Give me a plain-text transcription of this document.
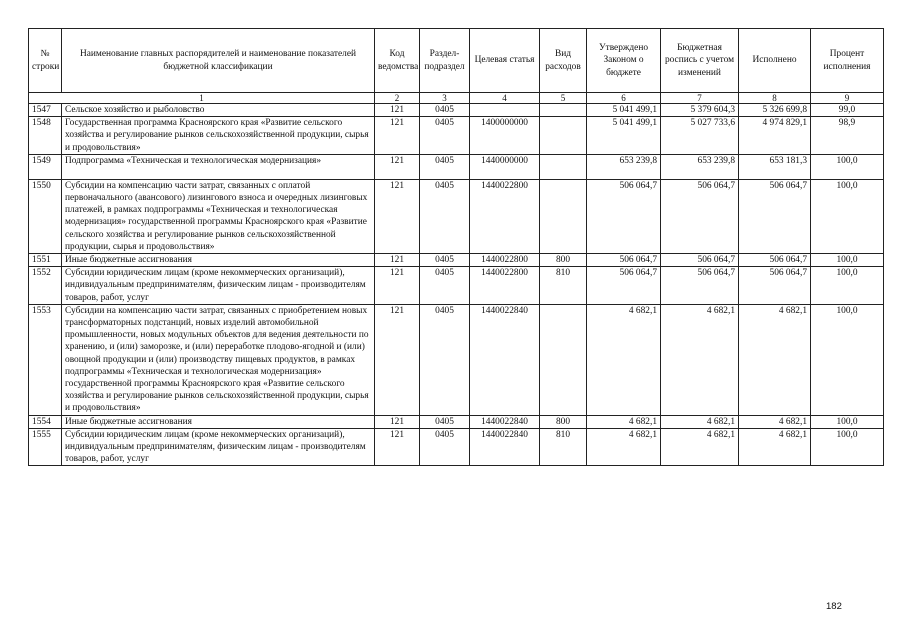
№ строки	Наименование главных распорядителей и наименование показателей бюджетной классификации	Код ведомства	Раздел-подраздел	Целевая статья	Вид расходов	Утверждено Законом о бюджете	Бюджетная роспись с учетом изменений	Исполнено	Процент исполнения
1		2	3	4	5	6	7	8	9
1547	Сельское хозяйство и рыболовство	121	0405			5 041 499,1	5 379 604,3	5 326 699,8	99,0
1548	Государственная программа Красноярского края «Развитие сельского хозяйства и регулирование рынков сельскохозяйственной продукции, сырья и продовольствия»	121	0405	1400000000		5 041 499,1	5 027 733,6	4 974 829,1	98,9
1549	Подпрограмма «Техническая и технологическая модернизация»	121	0405	1440000000		653 239,8	653 239,8	653 181,3	100,0
1550	Субсидии на компенсацию части затрат, связанных с оплатой первоначального (авансового) лизингового взноса и очередных лизинговых платежей, в рамках подпрограммы «Техническая и технологическая модернизация» государственной программы Красноярского края «Развитие сельского хозяйства и регулирование рынков сельскохозяйственной продукции, сырья и продовольствия»	121	0405	1440022800		506 064,7	506 064,7	506 064,7	100,0
1551	Иные бюджетные ассигнования	121	0405	1440022800	800	506 064,7	506 064,7	506 064,7	100,0
1552	Субсидии юридическим лицам (кроме некоммерческих организаций), индивидуальным предпринимателям, физическим лицам - производителям товаров, работ, услуг	121	0405	1440022800	810	506 064,7	506 064,7	506 064,7	100,0
1553	Субсидии на компенсацию части затрат, связанных с приобретением новых трансформаторных подстанций, новых изделий автомобильной промышленности, новых модульных объектов для ведения деятельности по хранению, и (или) заморозке, и (или) переработке плодово-ягодной и (или) овощной продукции и (или) производству пищевых продуктов, в рамках подпрограммы «Техническая и технологическая модернизация» государственной программы Красноярского края «Развитие сельского хозяйства и регулирование рынков сельскохозяйственной продукции, сырья и продовольствия»	121	0405	1440022840		4 682,1	4 682,1	4 682,1	100,0
1554	Иные бюджетные ассигнования	121	0405	1440022840	800	4 682,1	4 682,1	4 682,1	100,0
1555	Субсидии юридическим лицам (кроме некоммерческих организаций), индивидуальным предпринимателям, физическим лицам - производителям товаров, работ, услуг	121	0405	1440022840	810	4 682,1	4 682,1	4 682,1	100,0
182
